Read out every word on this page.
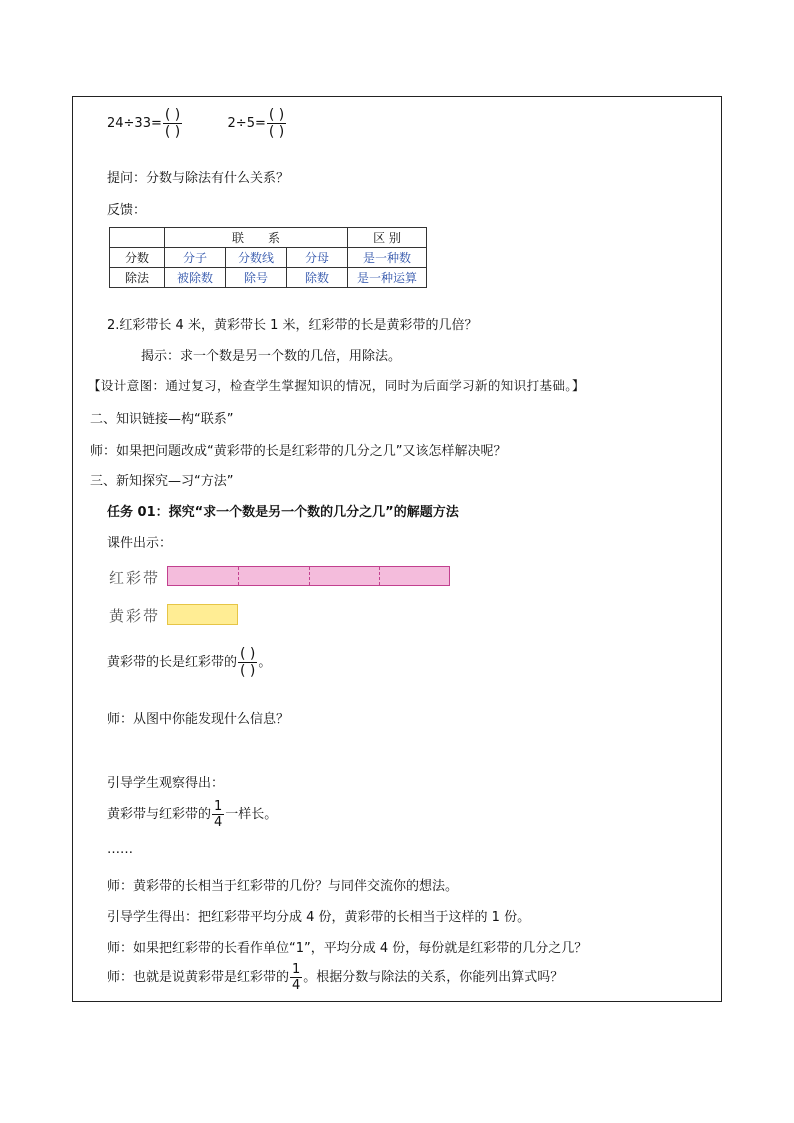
$24\div 33= \frac{( )}{( )}$	$2\div 5= \frac{( )}{( )}$
提问：分数与除法有什么关系？
反馈：
	联　　系			区 别
分数	分子	分数线	分母	是一种数
除法	被除数	除号	除数	是一种运算
2.红彩带长 4 米，黄彩带长 1 米，红彩带的长是黄彩带的几倍？
揭示：求一个数是另一个数的几倍，用除法。
【设计意图：通过复习，检查学生掌握知识的情况，同时为后面学习新的知识打基础。】
二、知识链接—构“联系”
师：如果把问题改成“黄彩带的长是红彩带的几分之几”又该怎样解决呢？
三、新知探究—习“方法”
任务 01：探究“求一个数是另一个数的几分之几”的解题方法
课件出示：
红彩带
黄彩带
黄彩带的长是红彩带的 $\frac{( )}{( )}$ 。
师：从图中你能发现什么信息？
引导学生观察得出：
黄彩带与红彩带的 $\frac{1}{4}$ 一样长。
……
师：黄彩带的长相当于红彩带的几份？与同伴交流你的想法。
引导学生得出：把红彩带平均分成 4 份，黄彩带的长相当于这样的 1 份。
师：如果把红彩带的长看作单位“1”，平均分成 4 份，每份就是红彩带的几分之几？
师：也就是说黄彩带是红彩带的 $\frac{1}{4}$ 。根据分数与除法的关系，你能列出算式吗？
